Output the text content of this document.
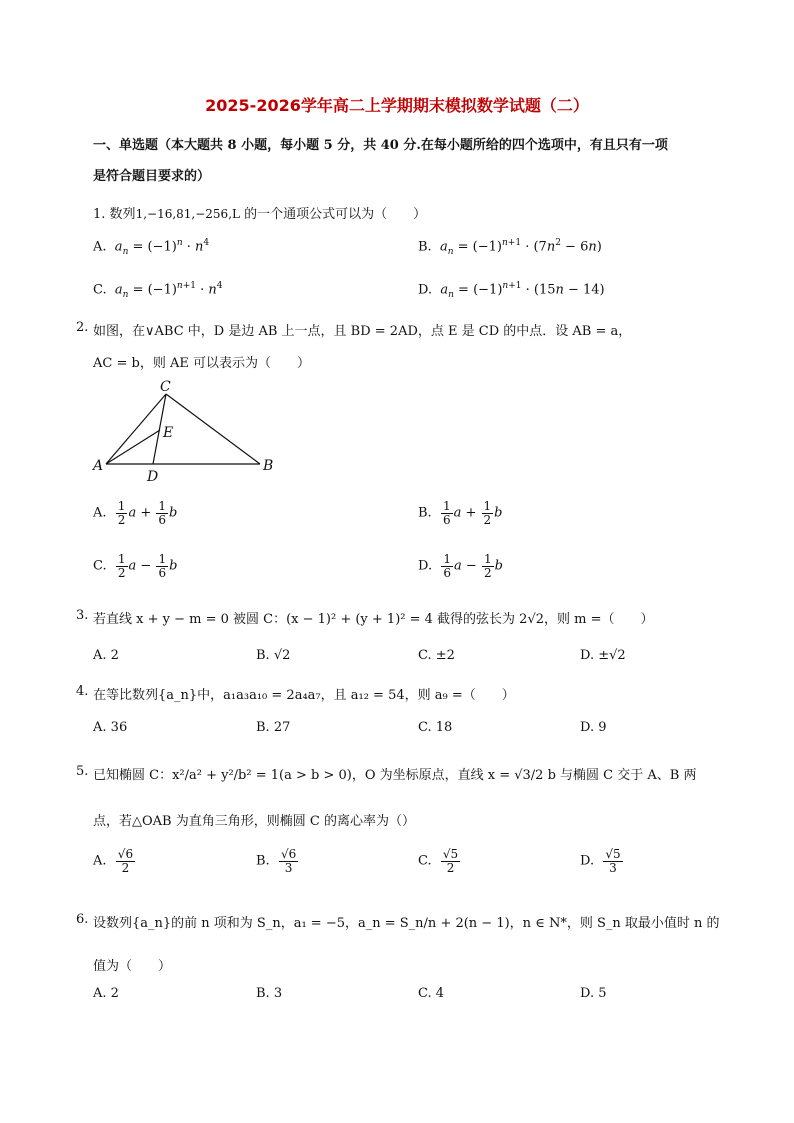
2025-2026学年高二上学期期末模拟数学试题（二）
一、单选题（本大题共 8 小题，每小题 5 分，共 40 分.在每小题所给的四个选项中，有且只有一项
是符合题目要求的）
1. 数列1,−16,81,−256,L 的一个通项公式可以为（　　）
A. $a_n = (-1)^n \cdot n^4$	B. $a_n = (-1)^{n+1} \cdot (7n^2 - 6n)$
C. $a_n = (-1)^{n+1} \cdot n^4$	D. $a_n = (-1)^{n+1} \cdot (15n - 14)$
如图，在∨ABC 中，D 是边 AB 上一点，且 BD = 2AD，点 E 是 CD 的中点．设 AB = a，
2.
AC = b，则 AE 可以表示为（　　）
C
A	B
D
E
A. $\frac{1}{2}$ $a + \frac{1}{6}$ b	B. $\frac{1}{6}$ $a + \frac{1}{2}$ b
C. $\frac{1}{2}$ $a - \frac{1}{6}$ b	D. $\frac{1}{6}$ $a - \frac{1}{2}$ b
3. 若直线 x + y − m = 0 被圆 C：(x − 1)² + (y + 1)² = 4 截得的弦长为 2√2，则 m =（　　）
A. 2	B. √2	C. ±2	D. ±√2
4. 在等比数列{a_n}中，a₁a₃a₁₀ = 2a₄a₇，且 a₁₂ = 54，则 a₉ =（　　）
A. 36	B. 27	C. 18	D. 9
5. 已知椭圆 C：x²/a² + y²/b² = 1(a > b > 0)，O 为坐标原点，直线 x = √3/2 b 与椭圆 C 交于 A、B 两
点，若△OAB 为直角三角形，则椭圆 C 的离心率为（）
A. $\frac{√6}{2}$	B. $\frac{√6}{3}$	C. $\frac{√5}{2}$	D. $\frac{√5}{3}$
6. 设数列{a_n}的前 n 项和为 S_n，a₁ = −5，a_n = S_n/n + 2(n − 1)，n ∈ N*，则 S_n 取最小值时 n 的
值为（　　）
A. 2	B. 3	C. 4	D. 5
